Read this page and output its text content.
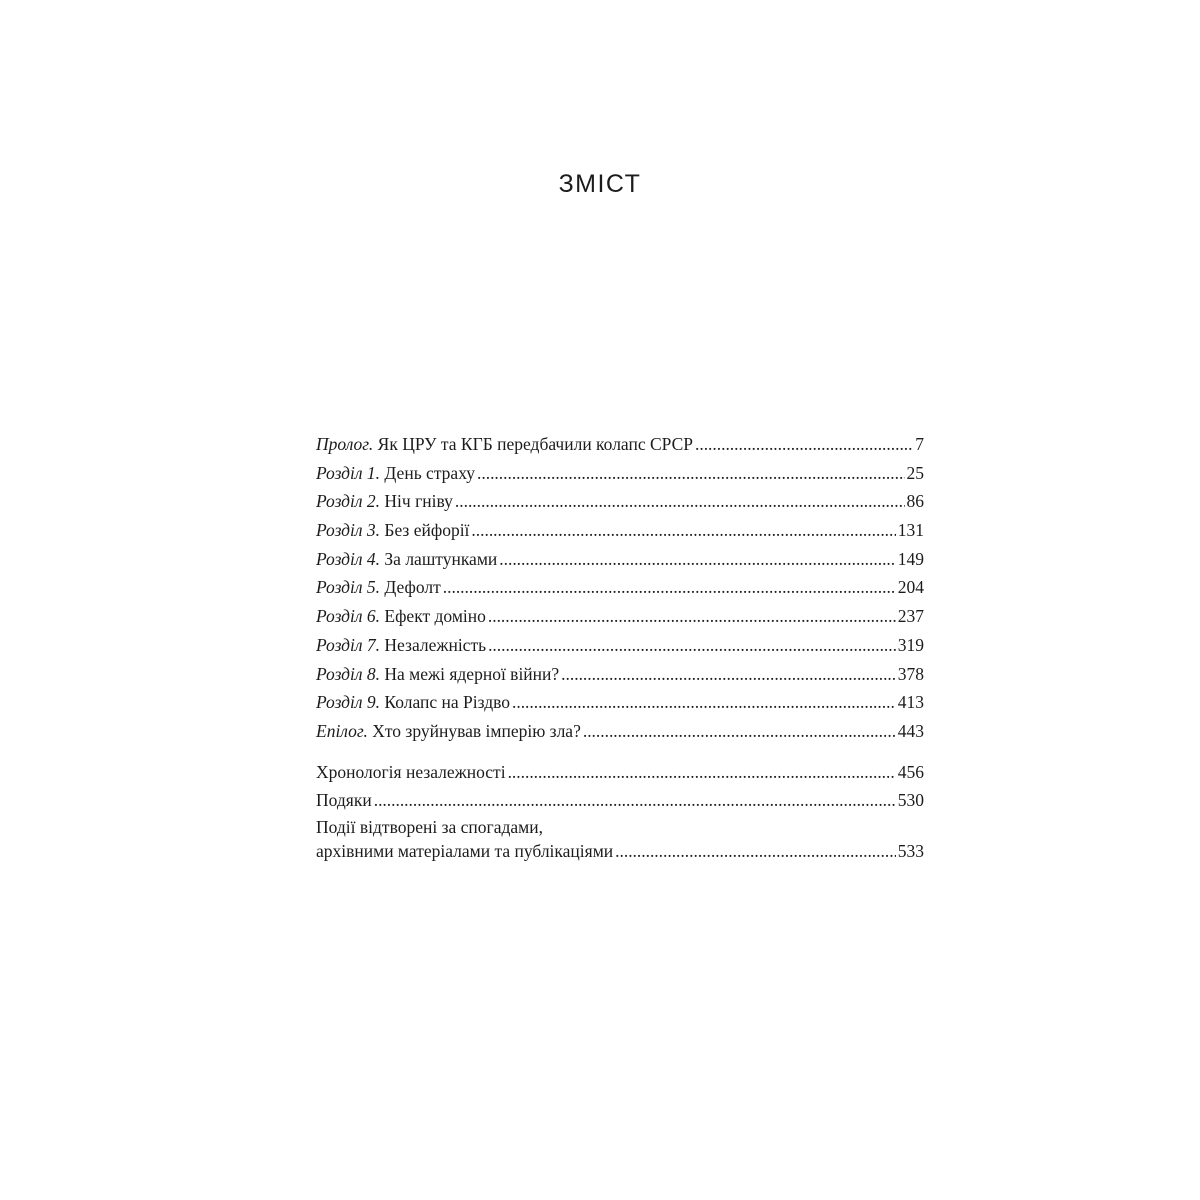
ЗМІСТ
Пролог. Як ЦРУ та КГБ передбачили колапс СРСР . . .	7
Розділ 1. День страху . . .	25
Розділ 2. Ніч гніву . . .	86
Розділ 3. Без ейфорії . . .	131
Розділ 4. За лаштунками . . .	149
Розділ 5. Дефолт . . .	204
Розділ 6. Ефект доміно . . .	237
Розділ 7. Незалежність . . .	319
Розділ 8. На межі ядерної війни? . . .	378
Розділ 9. Колапс на Різдво . . .	413
Епілог. Хто зруйнував імперію зла? . . .	443
Хронологія незалежності . . .	456
Подяки . . .	530
Події відтворені за спогадами,
архівними матеріалами та публікаціями . . .	533
